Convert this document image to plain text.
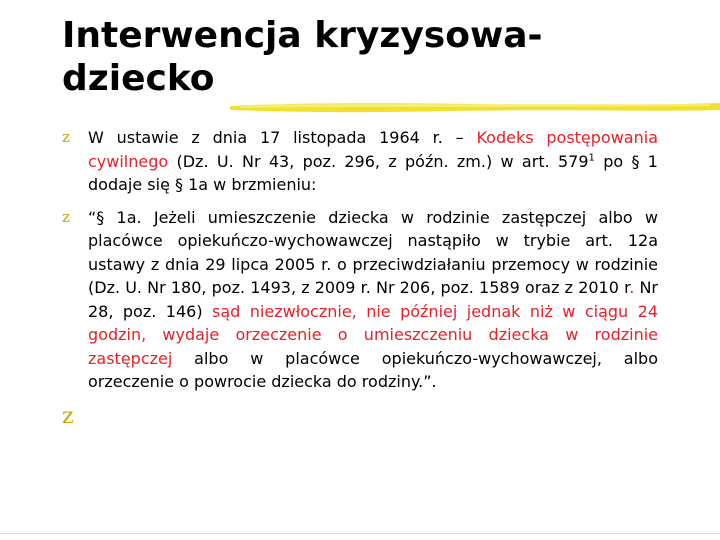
Interwencja kryzysowa-
dziecko
z W ustawie z dnia 17 listopada 1964 r. – Kodeks postępowania cywilnego (Dz. U. Nr 43, poz. 296, z późn. zm.) w art. $579^1$ po § 1 dodaje się § 1a w brzmieniu:
z “§ 1a. Jeżeli umieszczenie dziecka w rodzinie zastępczej albo w placówce opiekuńczo-wychowawczej nastąpiło w trybie art. 12a ustawy z dnia 29 lipca 2005 r. o przeciwdziałaniu przemocy w rodzinie (Dz. U. Nr 180, poz. 1493, z 2009 r. Nr 206, poz. 1589 oraz z 2010 r. Nr 28, poz. 146) sąd niezwłocznie, nie później jednak niż w ciągu 24 godzin, wydaje orzeczenie o umieszczeniu dziecka w rodzinie zastępczej albo w placówce opiekuńczo-wychowawczej, albo orzeczenie o powrocie dziecka do rodziny.”.
z
